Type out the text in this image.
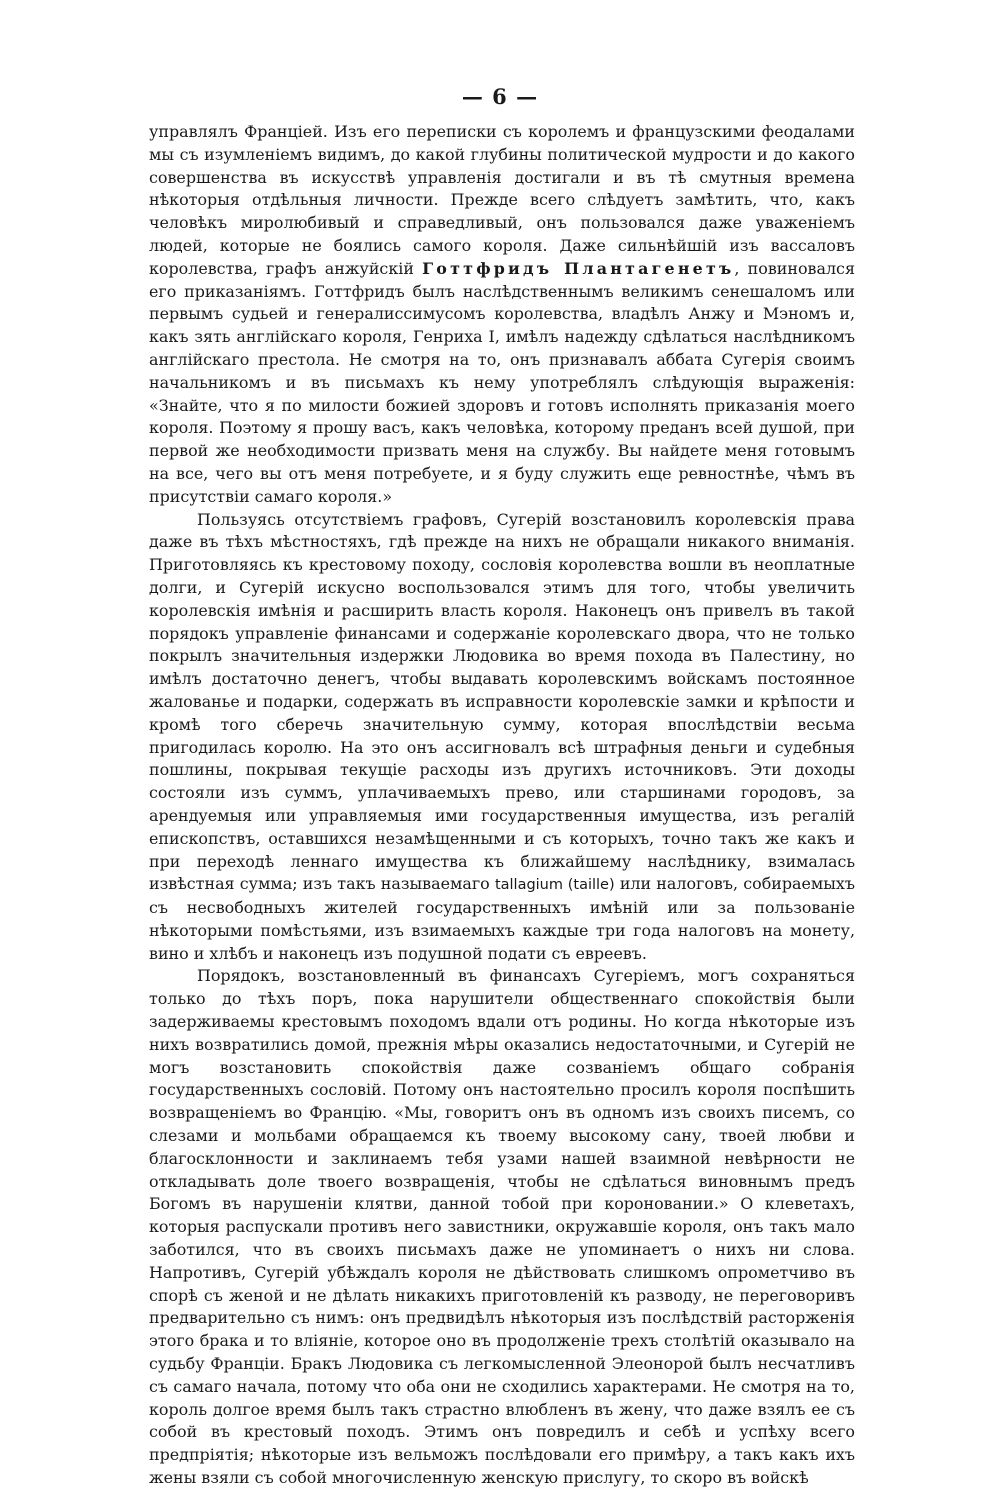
— 6 —

управлялъ Франціей. Изъ его переписки съ королемъ и французскими феодалами мы съ изумленіемъ видимъ, до какой глубины политической мудрости и до какого совершенства въ искусствѣ управленія достигали и въ тѣ смутныя времена нѣкоторыя отдѣльныя личности. Прежде всего слѣдуетъ замѣтить, что, какъ человѣкъ миролюбивый и справедливый, онъ пользовался даже уваженіемъ людей, которые не боялись самого короля. Даже сильнѣйшій изъ вассаловъ королевства, графъ анжуйскій Готтфридъ Плантагенетъ, повиновался его приказаніямъ. Готтфридъ былъ наслѣдственнымъ великимъ сенешаломъ или первымъ судьей и генералиссимусомъ королевства, владѣлъ Анжу и Мэномъ и, какъ зять англійскаго короля, Генриха I, имѣлъ надежду сдѣлаться наслѣдникомъ англійскаго престола. Не смотря на то, онъ признавалъ аббата Сугерія своимъ начальникомъ и въ письмахъ къ нему употреблялъ слѣдующія выраженія: «Знайте, что я по милости божией здоровъ и готовъ исполнять приказанія моего короля. Поэтому я прошу васъ, какъ человѣка, которому преданъ всей душой, при первой же необходимости призвать меня на службу. Вы найдете меня готовымъ на все, чего вы отъ меня потребуете, и я буду служить еще ревностнѣе, чѣмъ въ присутствіи самаго короля.»

Пользуясь отсутствіемъ графовъ, Сугерій возстановилъ королевскія права даже въ тѣхъ мѣстностяхъ, гдѣ прежде на нихъ не обращали никакого вниманія. Приготовляясь къ крестовому походу, сословія королевства вошли въ неоплатные долги, и Сугерій искусно воспользовался этимъ для того, чтобы увеличить королевскія имѣнія и расширить власть короля. Наконецъ онъ привелъ въ такой порядокъ управленіе финансами и содержаніе королевскаго двора, что не только покрылъ значительныя издержки Людовика во время похода въ Палестину, но имѣлъ достаточно денегъ, чтобы выдавать королевскимъ войскамъ постоянное жалованье и подарки, содержать въ исправности королевскіе замки и крѣпости и кромѣ того сберечь значительную сумму, которая впослѣдствіи весьма пригодилась королю. На это онъ ассигновалъ всѣ штрафныя деньги и судебныя пошлины, покрывая текущіе расходы изъ другихъ источниковъ. Эти доходы состояли изъ суммъ, уплачиваемыхъ прево, или старшинами городовъ, за арендуемыя или управляемыя ими государственныя имущества, изъ регалій епископствъ, оставшихся незамѣщенными и съ которыхъ, точно такъ же какъ и при переходѣ леннаго имущества къ ближайшему наслѣднику, взималась извѣстная сумма; изъ такъ называемаго tallagium (taille) или налоговъ, собираемыхъ съ несвободныхъ жителей государственныхъ имѣній или за пользованіе нѣкоторыми помѣстьями, изъ взимаемыхъ каждые три года налоговъ на монету, вино и хлѣбъ и наконецъ изъ подушной подати съ евреевъ.

Порядокъ, возстановленный въ финансахъ Сугеріемъ, могъ сохраняться только до тѣхъ поръ, пока нарушители общественнаго спокойствія были задерживаемы крестовымъ походомъ вдали отъ родины. Но когда нѣкоторые изъ нихъ возвратились домой, прежнія мѣры оказались недостаточными, и Сугерій не могъ возстановить спокойствія даже созваніемъ общаго собранія государственныхъ сословій. Потому онъ настоятельно просилъ короля поспѣшить возвращеніемъ во Францію. «Мы, говоритъ онъ въ одномъ изъ своихъ писемъ, со слезами и мольбами обращаемся къ твоему высокому сану, твоей любви и благосклонности и заклинаемъ тебя узами нашей взаимной невѣрности не откладывать доле твоего возвращенія, чтобы не сдѣлаться виновнымъ предъ Богомъ въ нарушеніи клятви, данной тобой при короновании.» О клеветахъ, которыя распускали противъ него завистники, окружавшіе короля, онъ такъ мало заботился, что въ своихъ письмахъ даже не упоминаетъ о нихъ ни слова. Напротивъ, Сугерій убѣждалъ короля не дѣйствовать слишкомъ опрометчиво въ спорѣ съ женой и не дѣлать никакихъ приготовленій къ разводу, не переговоривъ предварительно съ нимъ: онъ предвидѣлъ нѣкоторыя изъ послѣдствій расторженія этого брака и то вліяніе, которое оно въ продолженіе трехъ столѣтій оказывало на судьбу Франціи. Бракъ Людовика съ легкомысленной Элеонорой былъ несчатливъ съ самаго начала, потому что оба они не сходились характерами. Не смотря на то, король долгое время былъ такъ страстно влюбленъ въ жену, что даже взялъ ее съ собой въ крестовый походъ. Этимъ онъ повредилъ и себѣ и успѣху всего предпріятія; нѣкоторые изъ вельможъ послѣдовали его примѣру, а такъ какъ ихъ жены взяли съ собой многочисленную женскую прислугу, то скоро въ войскѣ
